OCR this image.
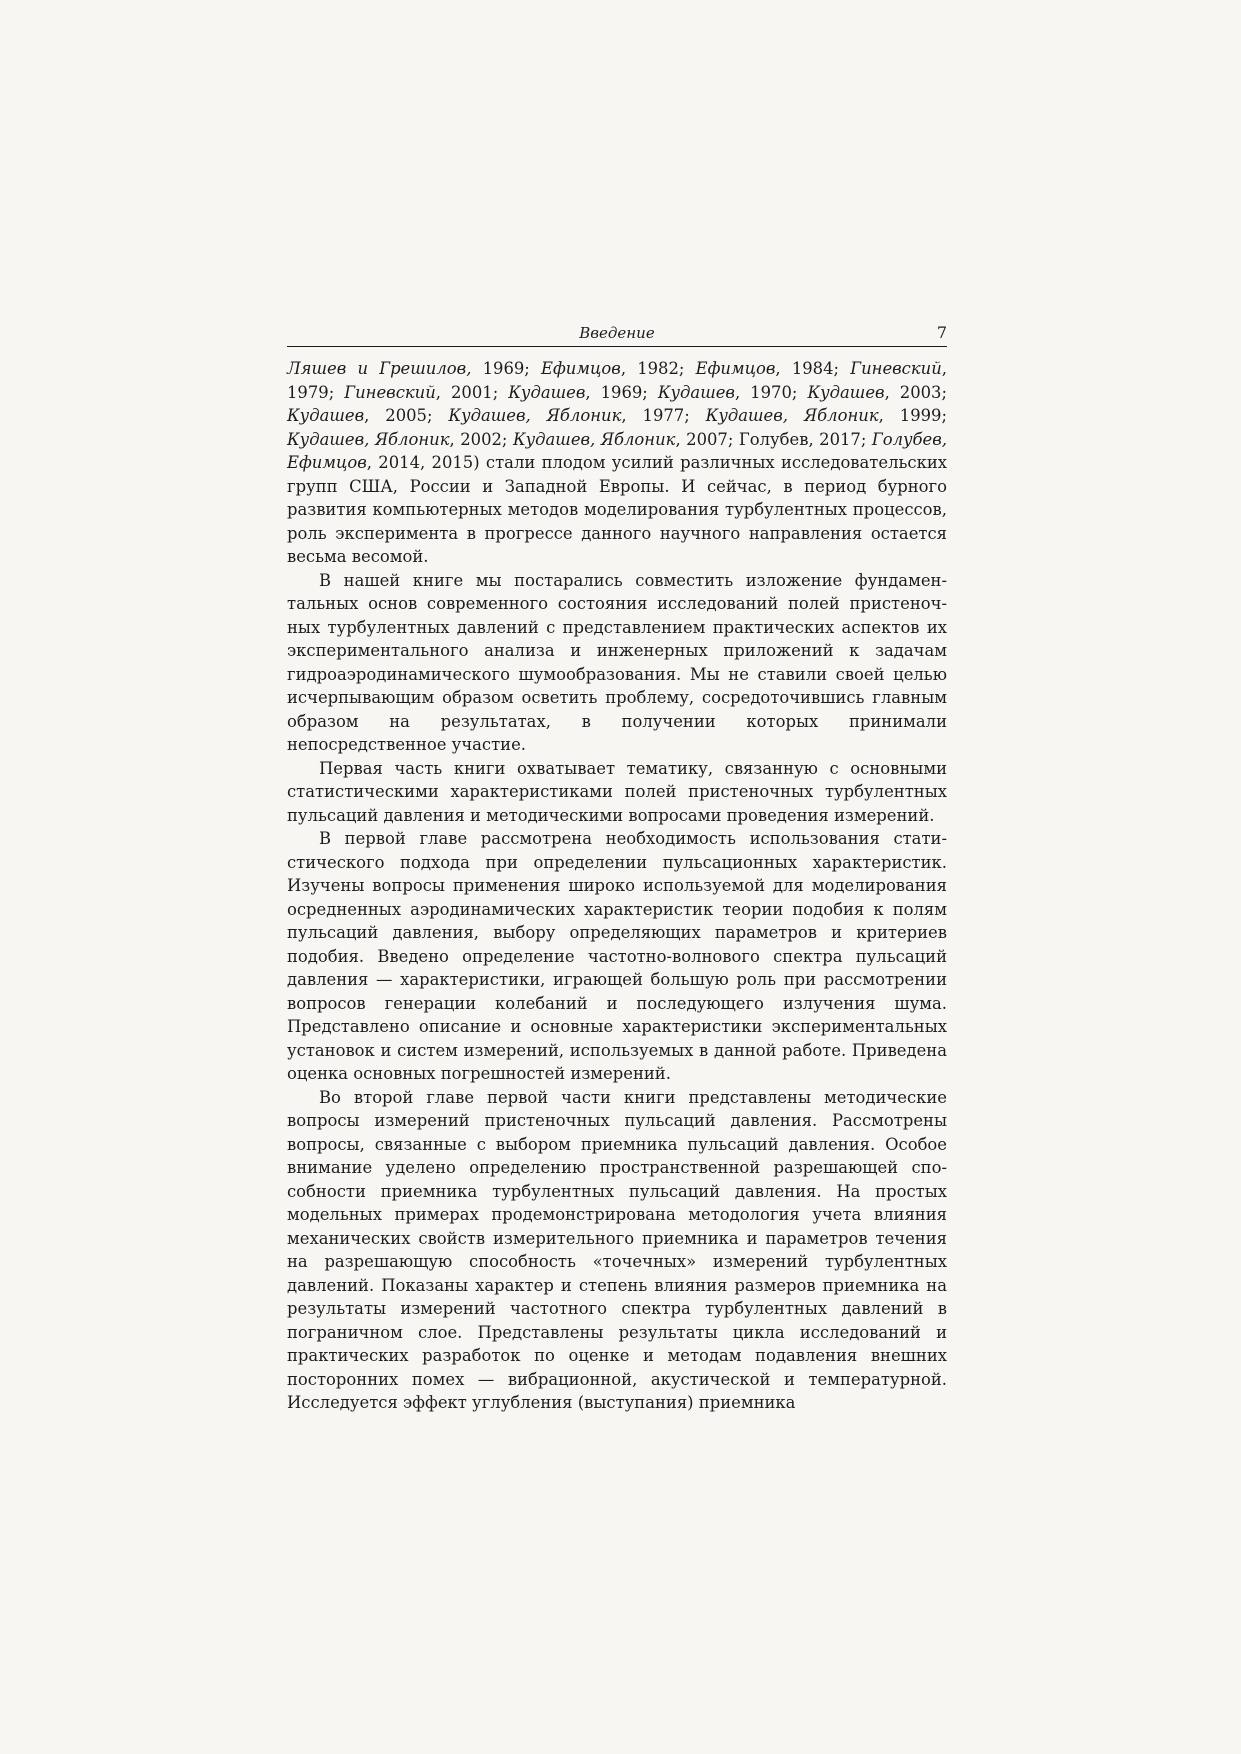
Введение	7

Ляшев и Грешилов, 1969; Ефимцов, 1982; Ефимцов, 1984; Гиневский, 1979; Гиневский, 2001; Кудашев, 1969; Кудашев, 1970; Кудашев, 2003; Кудашев, 2005; Кудашев, Яблоник, 1977; Кудашев, Яблоник, 1999; Кудашев, Яблоник, 2002; Кудашев, Яблоник, 2007; Голубев, 2017; Голубев, Ефимцов, 2014, 2015) стали плодом усилий различных исследовательских групп США, России и Западной Европы. И сейчас, в период бурного развития компьютерных методов моделирования турбулентных процессов, роль эксперимента в прогрессе данного научного направления остается весьма весомой.

В нашей книге мы постарались совместить изложение фундаментальных основ современного состояния исследований полей пристеночных турбулентных давлений с представлением практических аспектов их экспериментального анализа и инженерных приложений к задачам гидроаэродинамического шумообразования. Мы не ставили своей целью исчерпывающим образом осветить проблему, сосредоточившись главным образом на результатах, в получении которых принимали непосредственное участие.

Первая часть книги охватывает тематику, связанную с основными статистическими характеристиками полей пристеночных турбулентных пульсаций давления и методическими вопросами проведения измерений.

В первой главе рассмотрена необходимость использования статистического подхода при определении пульсационных характеристик. Изучены вопросы применения широко используемой для моделирования осредненных аэродинамических характеристик теории подобия к полям пульсаций давления, выбору определяющих параметров и критериев подобия. Введено определение частотно-волнового спектра пульсаций давления — характеристики, играющей большую роль при рассмотрении вопросов генерации колебаний и последующего излучения шума. Представлено описание и основные характеристики экспериментальных установок и систем измерений, используемых в данной работе. Приведена оценка основных погрешностей измерений.

Во второй главе первой части книги представлены методические вопросы измерений пристеночных пульсаций давления. Рассмотрены вопросы, связанные с выбором приемника пульсаций давления. Особое внимание уделено определению пространственной разрешающей способности приемника турбулентных пульсаций давления. На простых модельных примерах продемонстрирована методология учета влияния механических свойств измерительного приемника и параметров течения на разрешающую способность «точечных» измерений турбулентных давлений. Показаны характер и степень влияния размеров приемника на результаты измерений частотного спектра турбулентных давлений в пограничном слое. Представлены результаты цикла исследований и практических разработок по оценке и методам подавления внешних посторонних помех — вибрационной, акустической и температурной. Исследуется эффект углубления (выступания) приемника
